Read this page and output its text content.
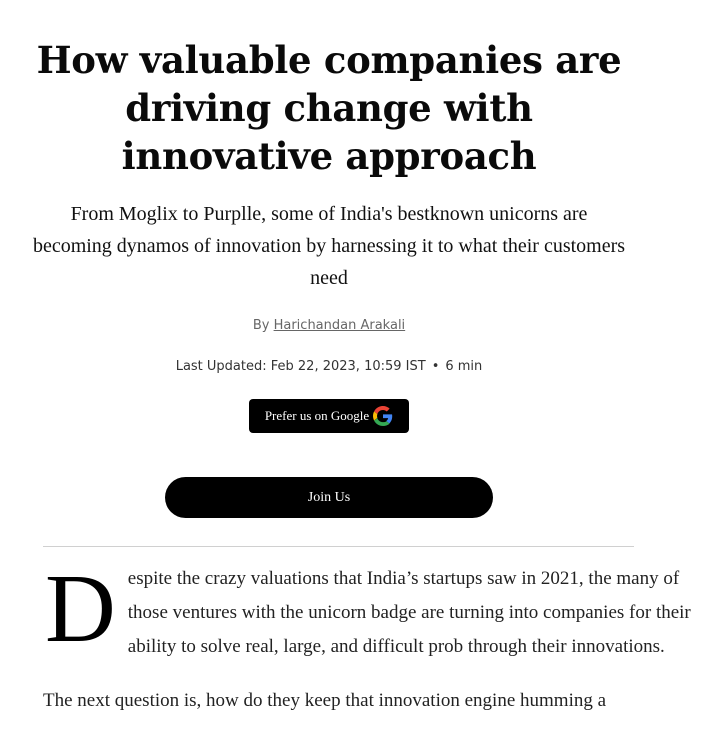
How valuable companies are driving change with innovative approach

From Moglix to Purplle, some of India's bestknown unicorns are becoming dynamos of innovation by harnessing it to what their customers need

By Harichandan Arakali
Last Updated: Feb 22, 2023, 10:59 IST • 6 min
Prefer us on Google
Join Us

Despite the crazy valuations that India’s startups saw in 2021, the many of those ventures with the unicorn badge are turning into companies for their ability to solve real, large, and difficult prob through their innovations.

The next question is, how do they keep that innovation engine humming a
